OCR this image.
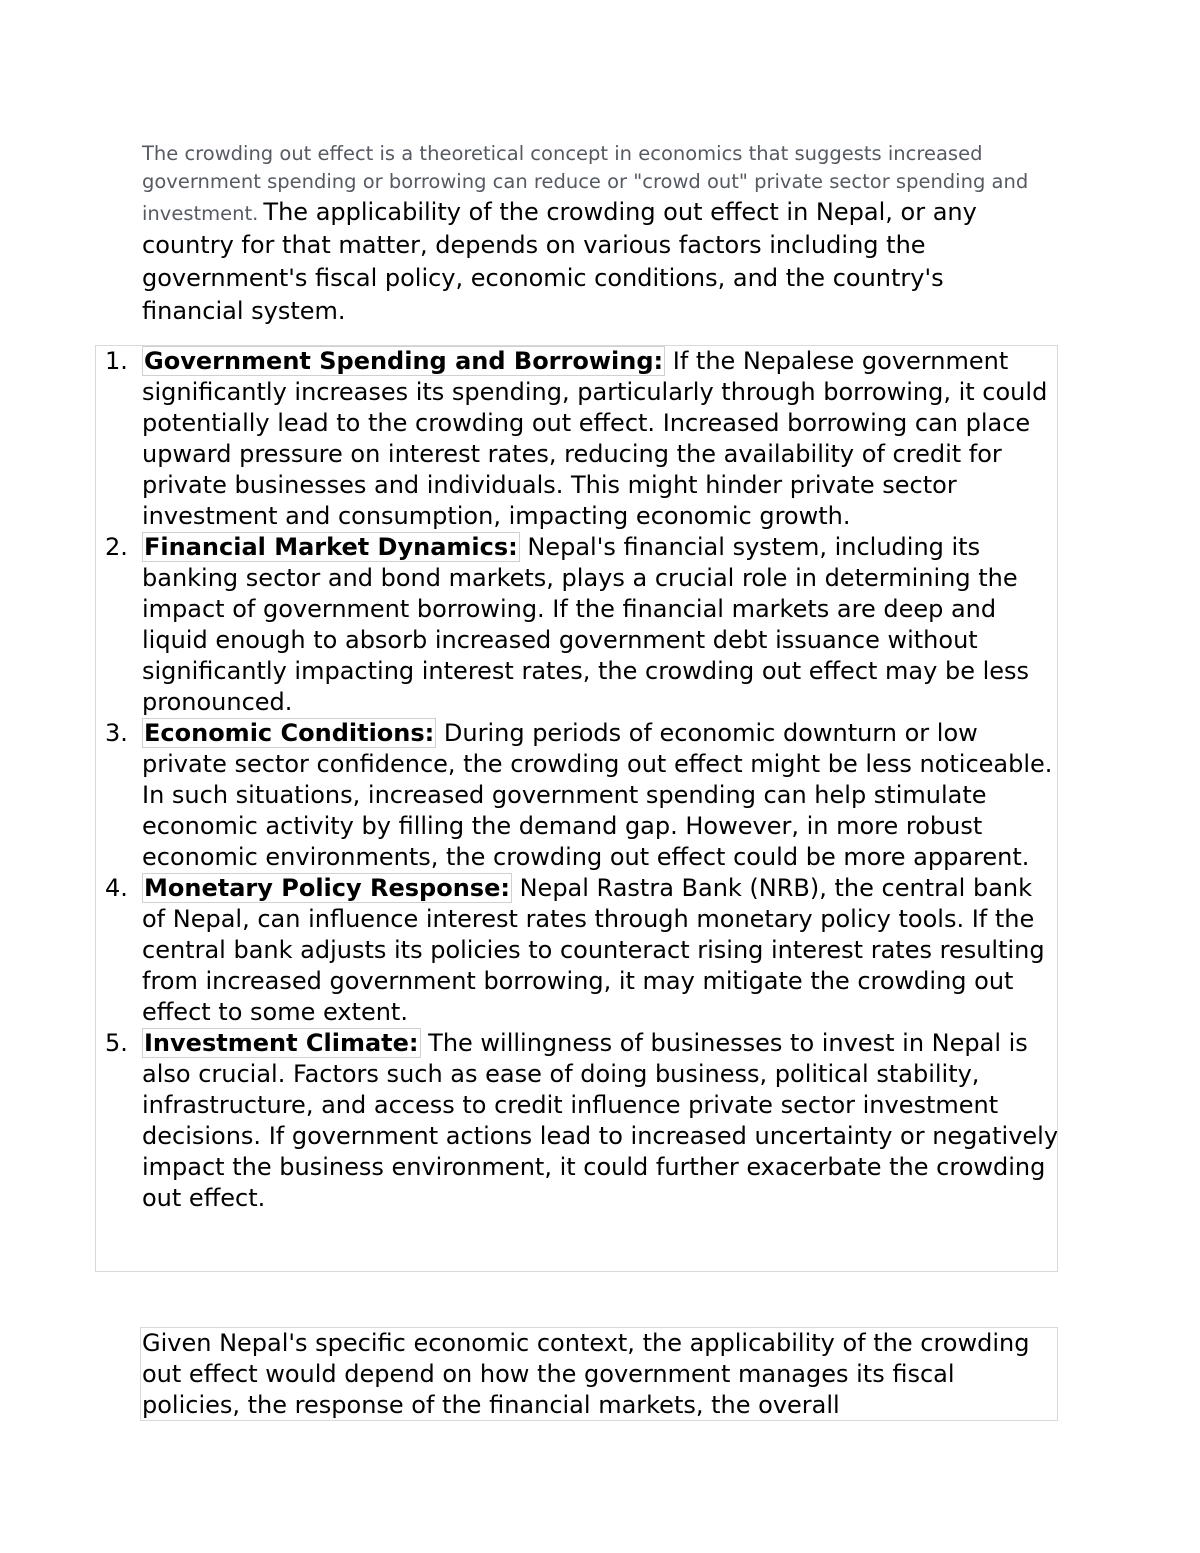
The crowding out effect is a theoretical concept in economics that suggests increased government spending or borrowing can reduce or "crowd out" private sector spending and investment. The applicability of the crowding out effect in Nepal, or any country for that matter, depends on various factors including the government's fiscal policy, economic conditions, and the country's financial system.

1. Government Spending and Borrowing: If the Nepalese government significantly increases its spending, particularly through borrowing, it could potentially lead to the crowding out effect. Increased borrowing can place upward pressure on interest rates, reducing the availability of credit for private businesses and individuals. This might hinder private sector investment and consumption, impacting economic growth.
2. Financial Market Dynamics: Nepal's financial system, including its banking sector and bond markets, plays a crucial role in determining the impact of government borrowing. If the financial markets are deep and liquid enough to absorb increased government debt issuance without significantly impacting interest rates, the crowding out effect may be less pronounced.
3. Economic Conditions: During periods of economic downturn or low private sector confidence, the crowding out effect might be less noticeable. In such situations, increased government spending can help stimulate economic activity by filling the demand gap. However, in more robust economic environments, the crowding out effect could be more apparent.
4. Monetary Policy Response: Nepal Rastra Bank (NRB), the central bank of Nepal, can influence interest rates through monetary policy tools. If the central bank adjusts its policies to counteract rising interest rates resulting from increased government borrowing, it may mitigate the crowding out effect to some extent.
5. Investment Climate: The willingness of businesses to invest in Nepal is also crucial. Factors such as ease of doing business, political stability, infrastructure, and access to credit influence private sector investment decisions. If government actions lead to increased uncertainty or negatively impact the business environment, it could further exacerbate the crowding out effect.

Given Nepal's specific economic context, the applicability of the crowding out effect would depend on how the government manages its fiscal policies, the response of the financial markets, the overall
